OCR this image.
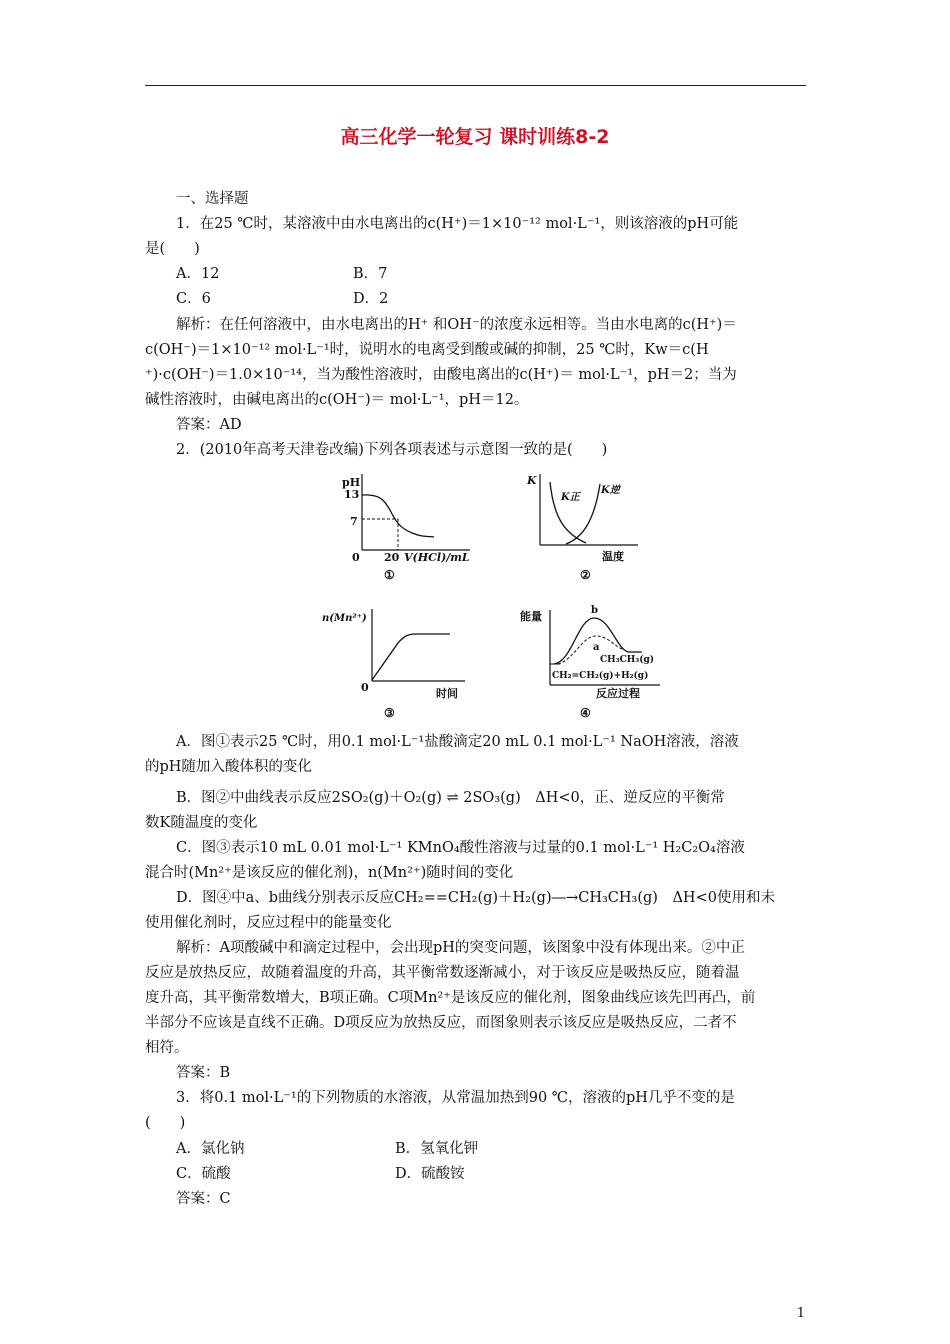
高三化学一轮复习 课时训练8-2
一、选择题
1．在25 ℃时，某溶液中由水电离出的c(H⁺)＝1×10⁻¹² mol·L⁻¹，则该溶液的pH可能
是(　　)
A．12	B．7
C．6	D．2
解析：在任何溶液中，由水电离出的H⁺ 和OH⁻的浓度永远相等。当由水电离的c(H⁺)＝
c(OH⁻)＝1×10⁻¹² mol·L⁻¹时，说明水的电离受到酸或碱的抑制，25 ℃时，Kw＝c(H
⁺)·c(OH⁻)＝1.0×10⁻¹⁴，当为酸性溶液时，由酸电离出的c(H⁺)＝ mol·L⁻¹，pH＝2；当为
碱性溶液时，由碱电离出的c(OH⁻)＝ mol·L⁻¹，pH＝12。
答案：AD
2．(2010年高考天津卷改编)下列各项表述与示意图一致的是(　　)
pH
13
7
0 20 V(HCl)/mL
①
K
K正
K逆
温度
②
n(Mn²⁺)
0	时间
③
能量	b
a
CH₃CH₃(g)
CH₂=CH₂(g)+H₂(g)
反应过程
④
A．图①表示25 ℃时，用0.1 mol·L⁻¹盐酸滴定20 mL 0.1 mol·L⁻¹ NaOH溶液，溶液
的pH随加入酸体积的变化
B．图②中曲线表示反应2SO₂(g)＋O₂(g) ⇌ 2SO₃(g)　ΔH<0，正、逆反应的平衡常
数K随温度的变化
C．图③表示10 mL 0.01 mol·L⁻¹ KMnO₄酸性溶液与过量的0.1 mol·L⁻¹ H₂C₂O₄溶液
混合时(Mn²⁺是该反应的催化剂)，n(Mn²⁺)随时间的变化
D．图④中a、b曲线分别表示反应CH₂==CH₂(g)＋H₂(g)―→CH₃CH₃(g)　ΔH<0使用和未
使用催化剂时，反应过程中的能量变化
解析：A项酸碱中和滴定过程中，会出现pH的突变问题，该图象中没有体现出来。②中正
反应是放热反应，故随着温度的升高，其平衡常数逐渐减小，对于该反应是吸热反应，随着温
度升高，其平衡常数增大，B项正确。C项Mn²⁺是该反应的催化剂，图象曲线应该先凹再凸，前
半部分不应该是直线不正确。D项反应为放热反应，而图象则表示该反应是吸热反应，二者不
相符。
答案：B
3．将0.1 mol·L⁻¹的下列物质的水溶液，从常温加热到90 ℃，溶液的pH几乎不变的是
(　　)
A．氯化钠	B．氢氧化钾
C．硫酸	D．硫酸铵
答案：C
1
